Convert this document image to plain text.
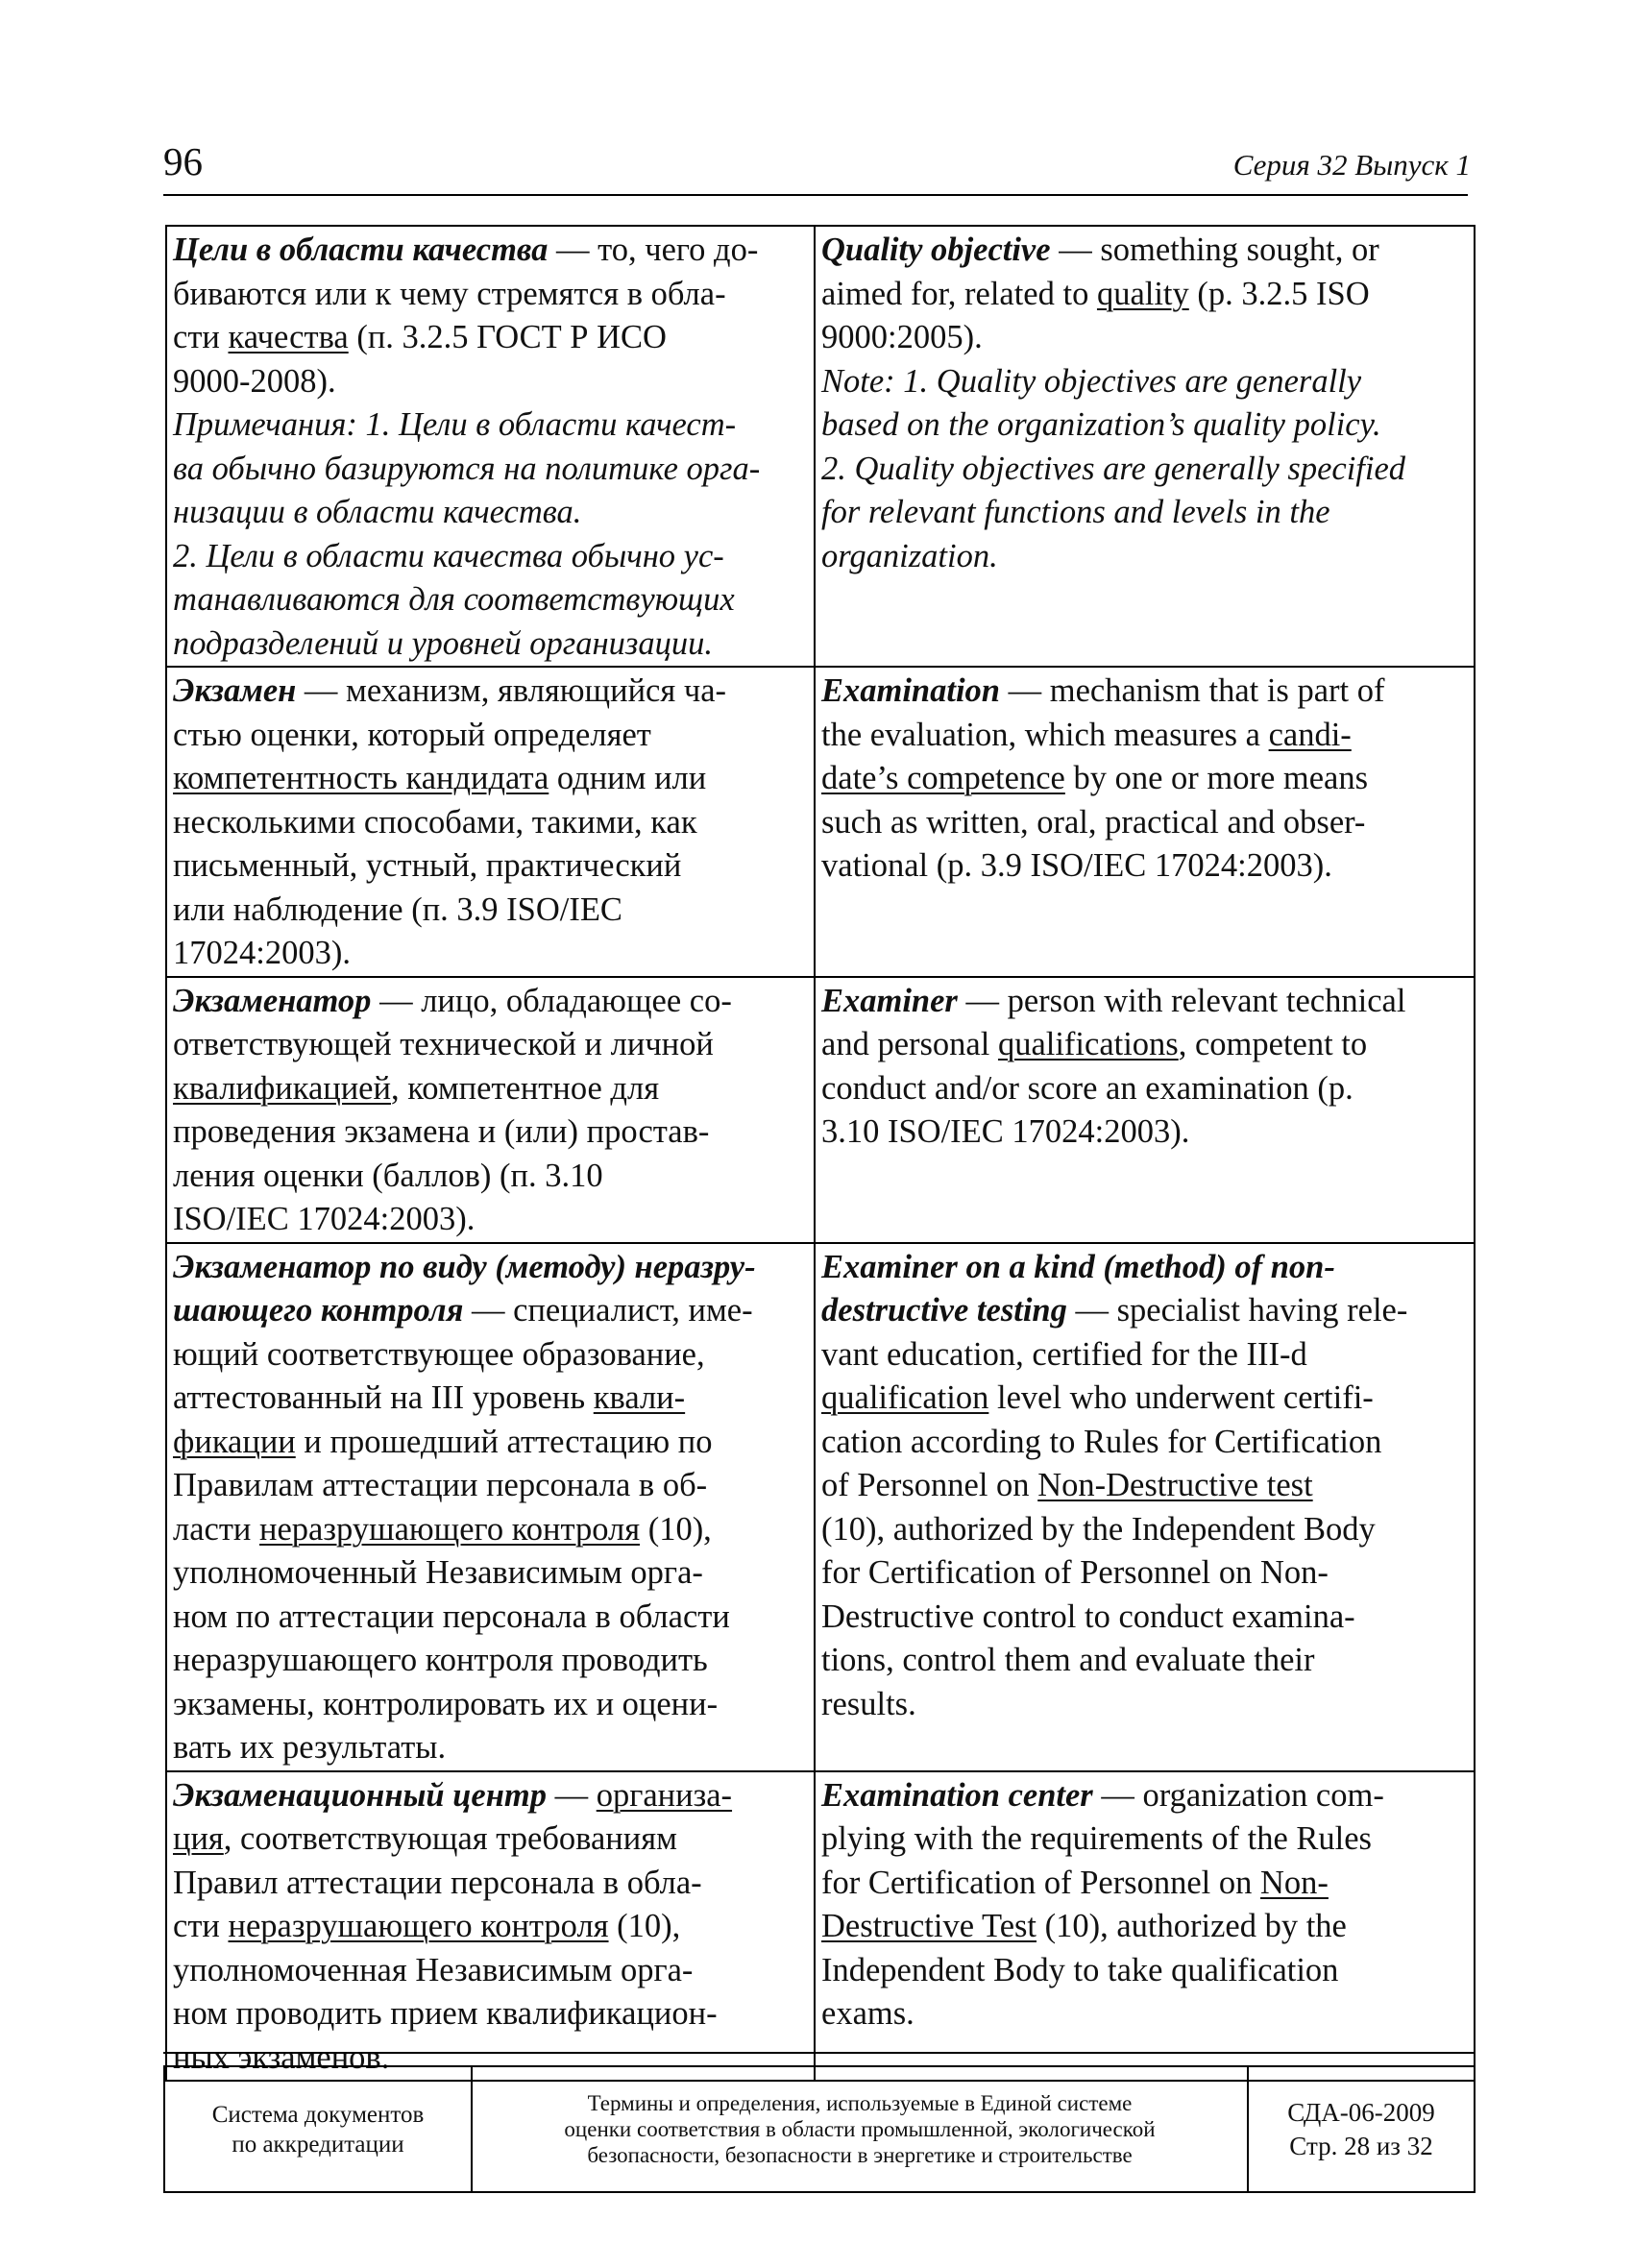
96	Серия 32 Выпуск 1
Цели в области качества — то, чего до-
биваются или к чему стремятся в обла-
сти качества (п. 3.2.5 ГОСТ Р ИСО
9000-2008).
Примечания: 1. Цели в области качест-
ва обычно базируются на политике орга-
низации в области качества.
2. Цели в области качества обычно ус-
танавливаются для соответствующих
подразделений и уровней организации.
Quality objective — something sought, or
aimed for, related to quality (p. 3.2.5 ISO
9000:2005).
Note: 1. Quality objectives are generally
based on the organization’s quality policy.
2. Quality objectives are generally specified
for relevant functions and levels in the
organization.
Экзамен — механизм, являющийся ча-
стью оценки, который определяет
компетентность кандидата одним или
несколькими способами, такими, как
письменный, устный, практический
или наблюдение (п. 3.9 ISO/IEC
17024:2003).
Examination — mechanism that is part of
the evaluation, which measures a candi-
date’s competence by one or more means
such as written, oral, practical and obser-
vational (p. 3.9 ISO/IEC 17024:2003).
Экзаменатор — лицо, обладающее со-
ответствующей технической и личной
квалификацией, компетентное для
проведения экзамена и (или) простав-
ления оценки (баллов) (п. 3.10
ISO/IEC 17024:2003).
Examiner — person with relevant technical
and personal qualifications, competent to
conduct and/or score an examination (p.
3.10 ISO/IEC 17024:2003).
Экзаменатор по виду (методу) неразру-
шающего контроля — специалист, име-
ющий соответствующее образование,
аттестованный на III уровень квали-
фикации и прошедший аттестацию по
Правилам аттестации персонала в об-
ласти неразрушающего контроля (10),
уполномоченный Независимым орга-
ном по аттестации персонала в области
неразрушающего контроля проводить
экзамены, контролировать их и оцени-
вать их результаты.
Examiner on a kind (method) of non-
destructive testing — specialist having rele-
vant education, certified for the III-d
qualification level who underwent certifi-
cation according to Rules for Certification
of Personnel on Non-Destructive test
(10), authorized by the Independent Body
for Certification of Personnel on Non-
Destructive control to conduct examina-
tions, control them and evaluate their
results.
Экзаменационный центр — организа-
ция, соответствующая требованиям
Правил аттестации персонала в обла-
сти неразрушающего контроля (10),
уполномоченная Независимым орга-
ном проводить прием квалификацион-
ных экзаменов.
Examination center — organization com-
plying with the requirements of the Rules
for Certification of Personnel on Non-
Destructive Test (10), authorized by the
Independent Body to take qualification
exams.
Система документов
по аккредитации
Термины и определения, используемые в Единой системе
оценки соответствия в области промышленной, экологической
безопасности, безопасности в энергетике и строительстве
СДА-06-2009
Стр. 28 из 32
